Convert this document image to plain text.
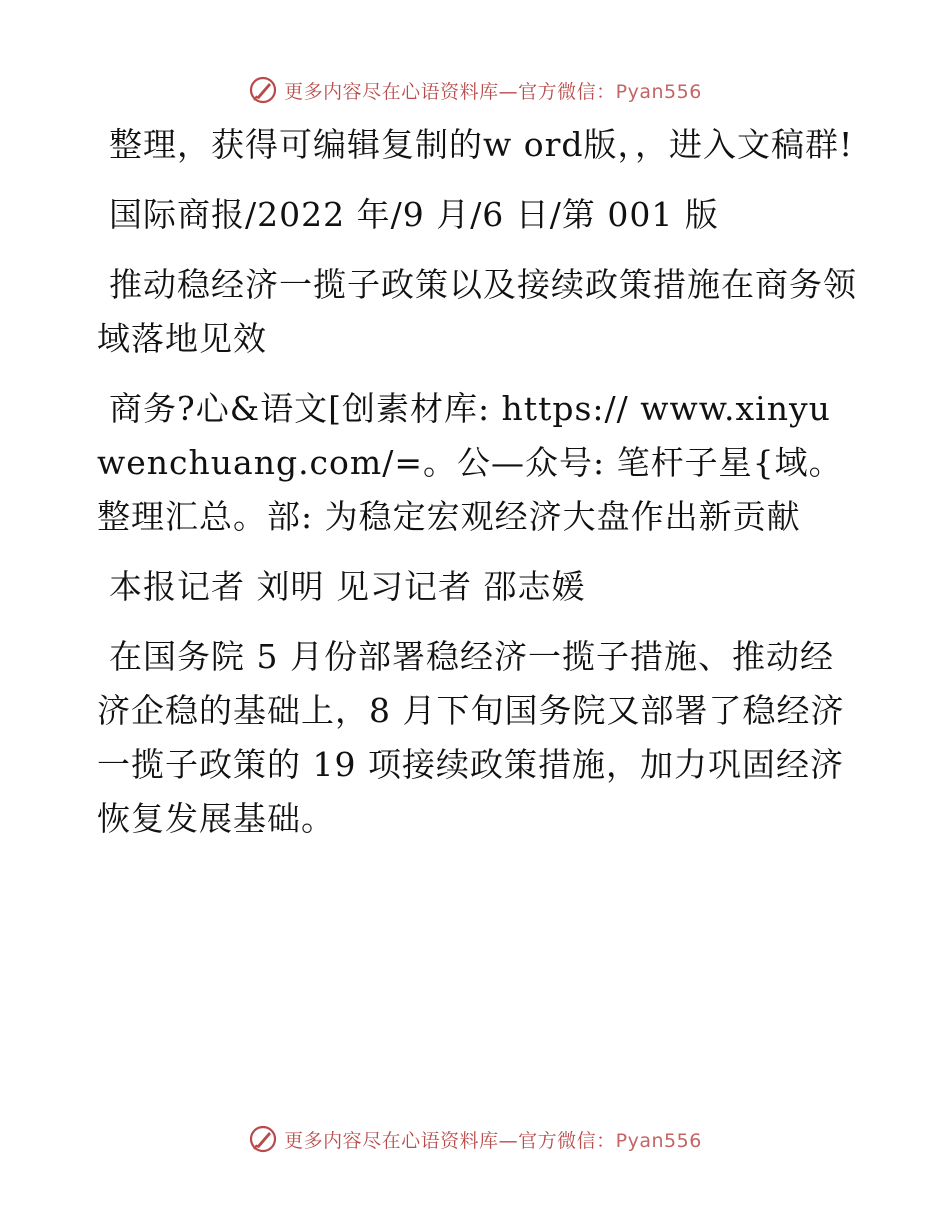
更多内容尽在心语资料库—官方微信：Pyan556

整理，获得可编辑复制的w ord版，，进入文稿群!

国际商报/2022 年/9 月/6 日/第 001 版

推动稳经济一揽子政策以及接续政策措施在商务领域落地见效

商务?心&语文[创素材库: https:// www.xinyuwenchuang.com/=。公—众号: 笔杆子星{域。整理汇总。部: 为稳定宏观经济大盘作出新贡献

本报记者 刘明 见习记者 邵志媛

在国务院 5 月份部署稳经济一揽子措施、推动经济企稳的基础上，8 月下旬国务院又部署了稳经济一揽子政策的 19 项接续政策措施，加力巩固经济恢复发展基础。

更多内容尽在心语资料库—官方微信：Pyan556
